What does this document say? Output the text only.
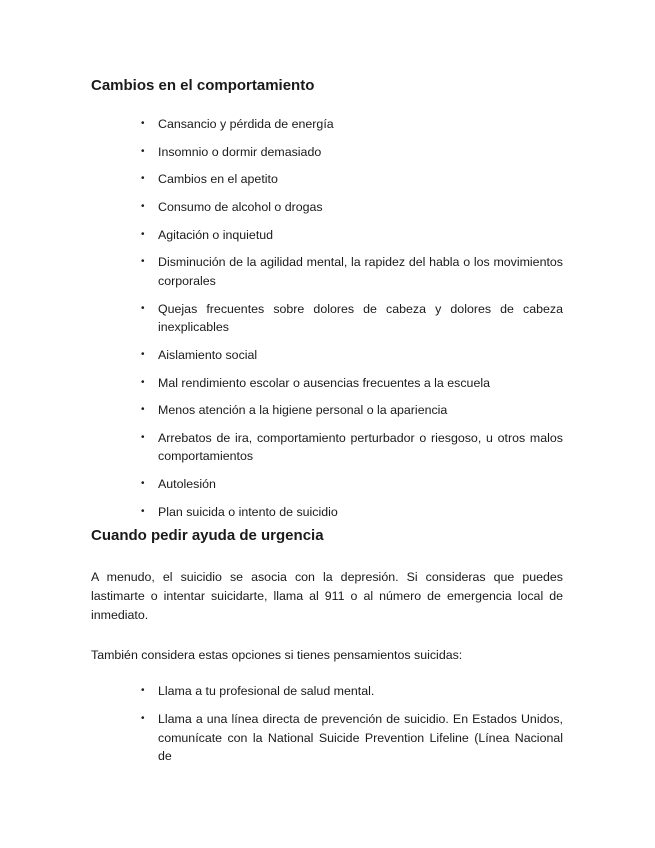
Cambios en el comportamiento
• Cansancio y pérdida de energía
• Insomnio o dormir demasiado
• Cambios en el apetito
• Consumo de alcohol o drogas
• Agitación o inquietud
• Disminución de la agilidad mental, la rapidez del habla o los movimientos corporales
• Quejas frecuentes sobre dolores de cabeza y dolores de cabeza inexplicables
• Aislamiento social
• Mal rendimiento escolar o ausencias frecuentes a la escuela
• Menos atención a la higiene personal o la apariencia
• Arrebatos de ira, comportamiento perturbador o riesgoso, u otros malos comportamientos
• Autolesión
• Plan suicida o intento de suicidio
Cuando pedir ayuda de urgencia

A menudo, el suicidio se asocia con la depresión. Si consideras que puedes lastimarte o intentar suicidarte, llama al 911 o al número de emergencia local de inmediato.

También considera estas opciones si tienes pensamientos suicidas:

• Llama a tu profesional de salud mental.
• Llama a una línea directa de prevención de suicidio. En Estados Unidos, comunícate con la National Suicide Prevention Lifeline (Línea Nacional de
